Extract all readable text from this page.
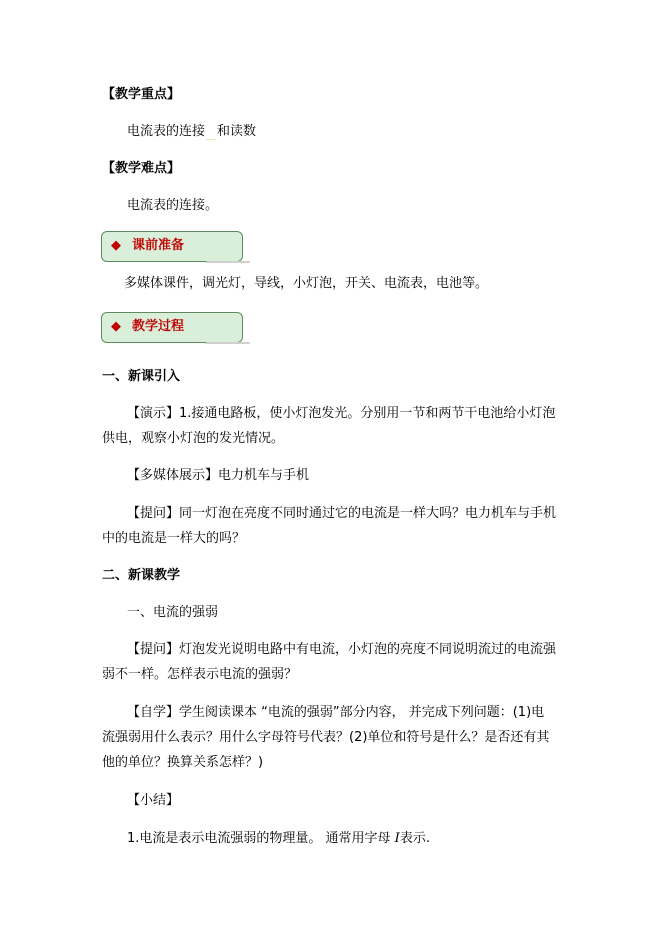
【教学重点】
电流表的连接 和读数
【教学难点】
电流表的连接。
◆ 课前准备
多媒体课件，调光灯，导线，小灯泡，开关、电流表，电池等。
◆ 教学过程
一、新课引入
【演示】1.接通电路板，使小灯泡发光。分别用一节和两节干电池给小灯泡
供电，观察小灯泡的发光情况。
【多媒体展示】电力机车与手机
【提问】同一灯泡在亮度不同时通过它的电流是一样大吗？电力机车与手机
中的电流是一样大的吗？
二、新课教学
一、电流的强弱
【提问】灯泡发光说明电路中有电流，小灯泡的亮度不同说明流过的电流强
弱不一样。怎样表示电流的强弱？
【自学】学生阅读课本 “电流的强弱”部分内容， 并完成下列问题：(1)电
流强弱用什么表示？用什么字母符号代表？(2)单位和符号是什么？是否还有其
他的单位？换算关系怎样？)
【小结】
1.电流是表示电流强弱的物理量。 通常用字母 I表示.
